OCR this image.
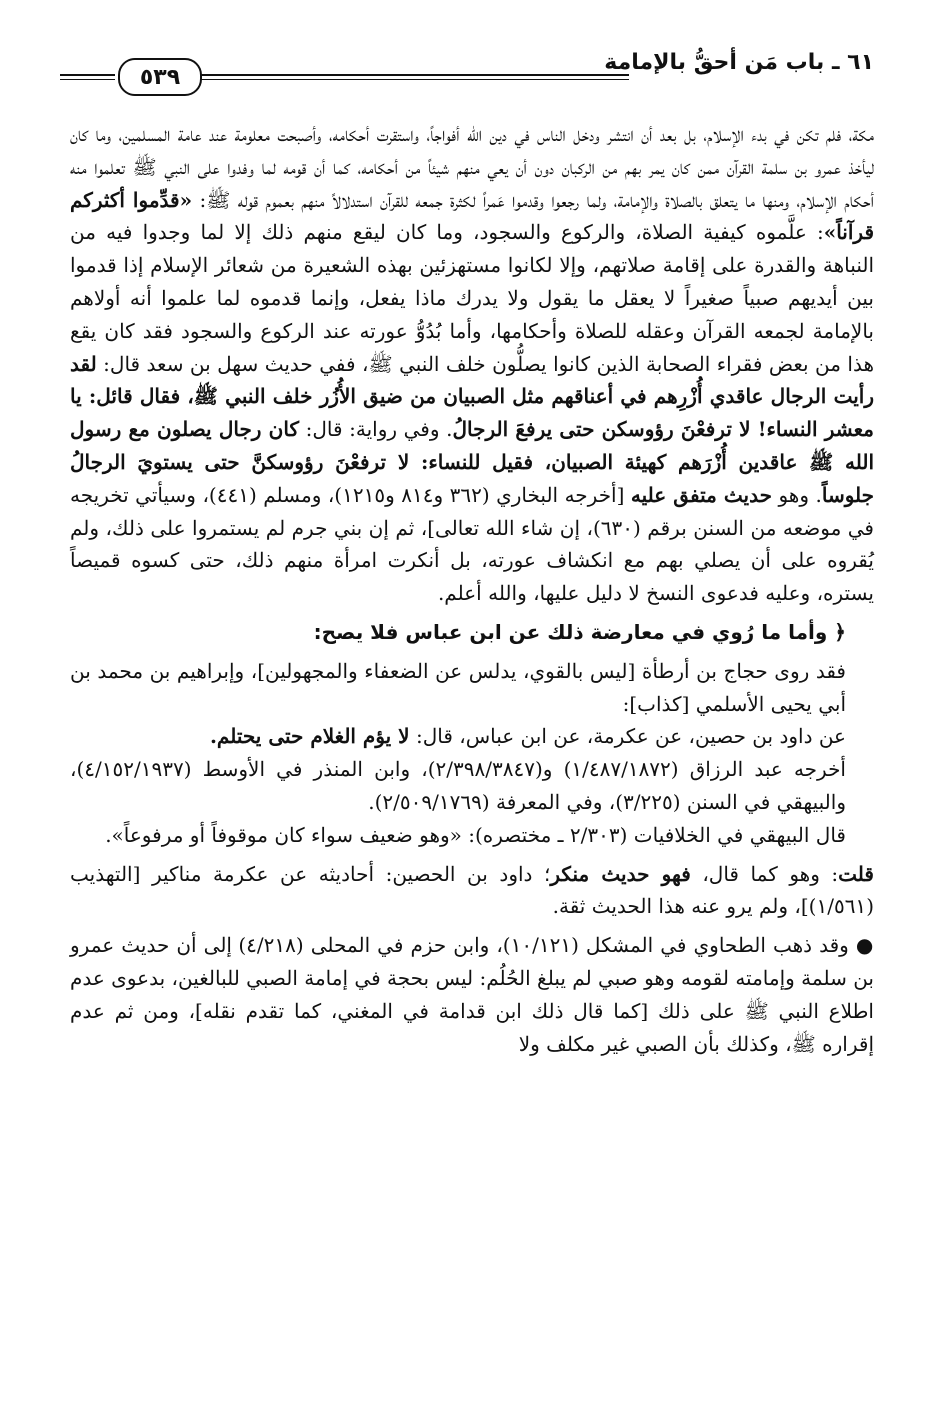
٦١ ـ باب مَن أحقُّ بالإمامة
٥٣٩

مكة، فلم تكن في بدء الإسلام، بل بعد أن انتشر ودخل الناس في دين الله أفواجاً، واستقرت أحكامه، وأصبحت معلومة عند عامة المسلمين، وما كان ليأخذ عمرو بن سلمة القرآن ممن كان يمر بهم من الركبان دون أن يعي منهم شيئاً من أحكامه، كما أن قومه لما وفدوا على النبي ﷺ تعلموا منه أحكام الإسلام، ومنها ما يتعلق بالصلاة والإمامة، ولما رجعوا وقدموا عَمراً لكثرة جمعه للقرآن استدلالاً منهم بعموم قوله ﷺ: «قدِّموا أكثركم قرآناً»: علَّموه كيفية الصلاة، والركوع والسجود، وما كان ليقع منهم ذلك إلا لما وجدوا فيه من النباهة والقدرة على إقامة صلاتهم، وإلا لكانوا مستهزئين بهذه الشعيرة من شعائر الإسلام إذا قدموا بين أيديهم صبياً صغيراً لا يعقل ما يقول ولا يدرك ماذا يفعل، وإنما قدموه لما علموا أنه أولاهم بالإمامة لجمعه القرآن وعقله للصلاة وأحكامها، وأما بُدُوُّ عورته عند الركوع والسجود فقد كان يقع هذا من بعض فقراء الصحابة الذين كانوا يصلُّون خلف النبي ﷺ، ففي حديث سهل بن سعد قال: لقد رأيت الرجال عاقدي أُزْرِهم في أعناقهم مثل الصبيان من ضيق الأُزُر خلف النبي ﷺ، فقال قائل: يا معشر النساء! لا ترفعْنَ رؤوسكن حتى يرفعَ الرجالُ. وفي رواية: قال: كان رجال يصلون مع رسول الله ﷺ عاقدين أُزْرَهم كهيئة الصبيان، فقيل للنساء: لا ترفعْنَ رؤوسكنَّ حتى يستويَ الرجالُ جلوساً. وهو حديث متفق عليه [أخرجه البخاري (٣٦٢ و٨١٤ و١٢١٥)، ومسلم (٤٤١)، وسيأتي تخريجه في موضعه من السنن برقم (٦٣٠)، إن شاء الله تعالى]، ثم إن بني جرم لم يستمروا على ذلك، ولم يُقروه على أن يصلي بهم مع انكشاف عورته، بل أنكرت امرأة منهم ذلك، حتى كسوه قميصاً يستره، وعليه فدعوى النسخ لا دليل عليها، والله أعلم.

﴿ وأما ما رُوي في معارضة ذلك عن ابن عباس فلا يصح:

فقد روى حجاج بن أرطأة [ليس بالقوي، يدلس عن الضعفاء والمجهولين]، وإبراهيم بن محمد بن أبي يحيى الأسلمي [كذاب]:

عن داود بن حصين، عن عكرمة، عن ابن عباس، قال: لا يؤم الغلام حتى يحتلم.

أخرجه عبد الرزاق (١/٤٨٧/١٨٧٢) و(٢/٣٩٨/٣٨٤٧)، وابن المنذر في الأوسط (٤/١٥٢/١٩٣٧)، والبيهقي في السنن (٣/٢٢٥)، وفي المعرفة (٢/٥٠٩/١٧٦٩).

قال البيهقي في الخلافيات (٢/٣٠٣ ـ مختصره): «وهو ضعيف سواء كان موقوفاً أو مرفوعاً».

قلت: وهو كما قال، فهو حديث منكر؛ داود بن الحصين: أحاديثه عن عكرمة مناكير [التهذيب (١/٥٦١)]، ولم يرو عنه هذا الحديث ثقة.

● وقد ذهب الطحاوي في المشكل (١٠/١٢١)، وابن حزم في المحلى (٤/٢١٨) إلى أن حديث عمرو بن سلمة وإمامته لقومه وهو صبي لم يبلغ الحُلُم: ليس بحجة في إمامة الصبي للبالغين، بدعوى عدم اطلاع النبي ﷺ على ذلك [كما قال ذلك ابن قدامة في المغني، كما تقدم نقله]، ومن ثم عدم إقراره ﷺ، وكذلك بأن الصبي غير مكلف ولا
